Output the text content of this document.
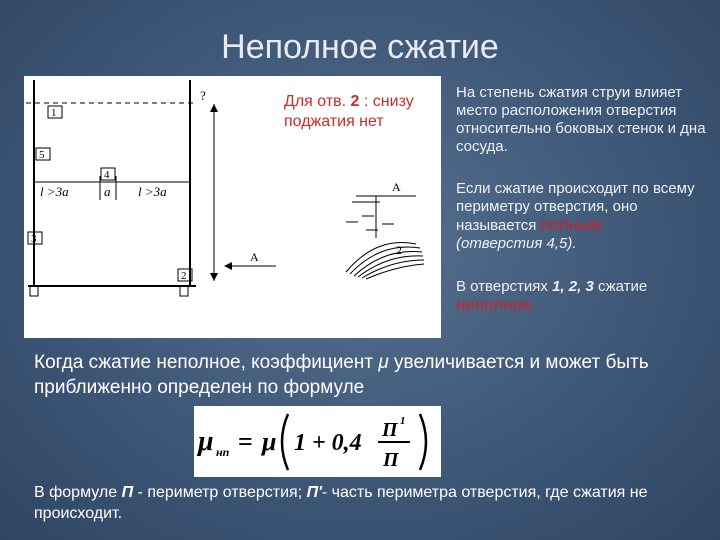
Неполное сжатие
1
5
4
3
2
l >3a	a l >3a
?
A
A
2
Для отв. 2 : снизу поджатия нет
На степень сжатия струи влияет место расположения отверстия относительно боковых стенок и дна сосуда.
Если сжатие происходит по всему периметру отверстия, оно называется полным
(отверстия 4,5).
В отверстиях 1, 2, 3 сжатие
неполное.
Когда сжатие неполное, коэффициент μ увеличивается и может быть приближенно определен по формуле
μ нп = μ 1 + 0,4 П 1
П
В формуле П - периметр отверстия; П'- часть периметра отверстия, где сжатия не происходит.
